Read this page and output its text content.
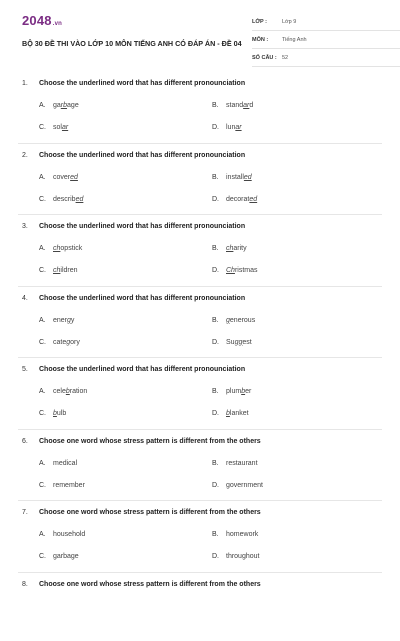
2048.vn
BỘ 30 ĐỀ THI VÀO LỚP 10 MÔN TIẾNG ANH CÓ ĐÁP ÁN - ĐỀ 04
LỚP :	Lớp 9
MÔN :	Tiếng Anh
SỐ CÂU : 52
1. Choose the underlined word that has different pronounciation
A. garbage	B. standard
C. solar	D. lunar
2. Choose the underlined word that has different pronounciation
A. covered	B. installed
C. described	D. decorated
3. Choose the underlined word that has different pronounciation
A. chopstick	B. charity
C. children	D. Christmas
4. Choose the underlined word that has different pronounciation
A. energy	B. generous
C. category	D. Suggest
5. Choose the underlined word that has different pronounciation
A. celebration	B. plumber
C. bulb	D. blanket
6. Choose one word whose stress pattern is different from the others
A. medical	B. restaurant
C. remember	D. government
7. Choose one word whose stress pattern is different from the others
A. household	B. homework
C. garbage	D. throughout
8. Choose one word whose stress pattern is different from the others
